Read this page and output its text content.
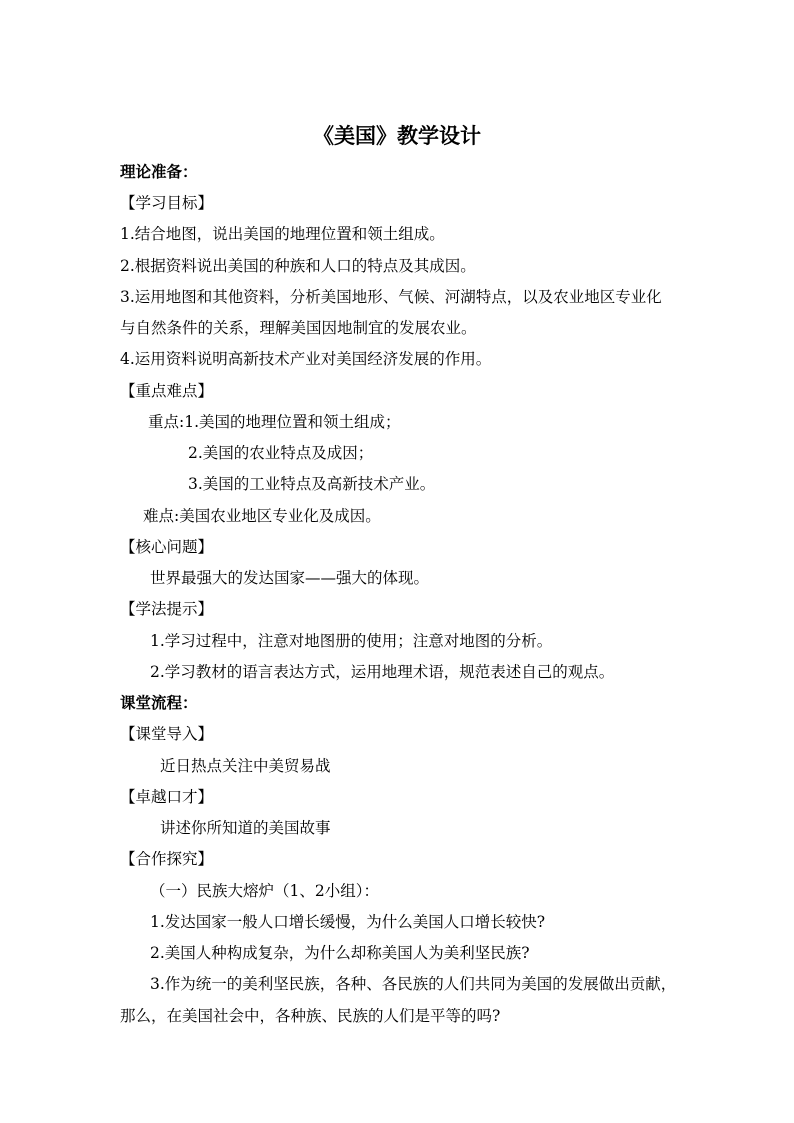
《美国》教学设计
理论准备：
【学习目标】
1.结合地图，说出美国的地理位置和领土组成。
2.根据资料说出美国的种族和人口的特点及其成因。
3.运用地图和其他资料，分析美国地形、气候、河湖特点，以及农业地区专业化
与自然条件的关系，理解美国因地制宜的发展农业。
4.运用资料说明高新技术产业对美国经济发展的作用。
【重点难点】
重点:1.美国的地理位置和领土组成；
2.美国的农业特点及成因；
3.美国的工业特点及高新技术产业。
难点:美国农业地区专业化及成因。
【核心问题】
世界最强大的发达国家——强大的体现。
【学法提示】
1.学习过程中，注意对地图册的使用；注意对地图的分析。
2.学习教材的语言表达方式，运用地理术语，规范表述自己的观点。
课堂流程：
【课堂导入】
近日热点关注中美贸易战
【卓越口才】
讲述你所知道的美国故事
【合作探究】
（一）民族大熔炉（1、2小组）：
1.发达国家一般人口增长缓慢，为什么美国人口增长较快?
2.美国人种构成复杂，为什么却称美国人为美利坚民族?
3.作为统一的美利坚民族，各种、各民族的人们共同为美国的发展做出贡献，
那么，在美国社会中，各种族、民族的人们是平等的吗?
